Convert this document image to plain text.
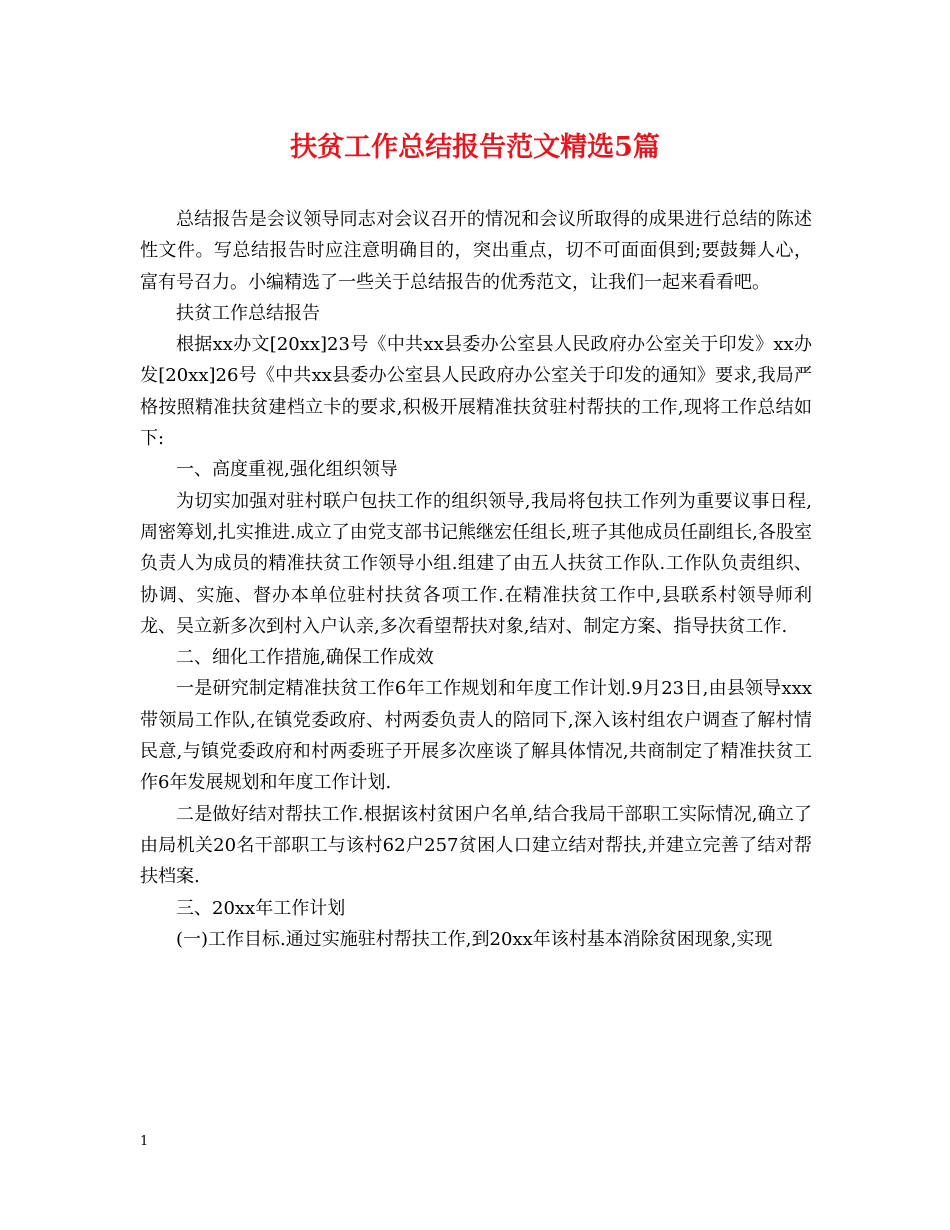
扶贫工作总结报告范文精选5篇

总结报告是会议领导同志对会议召开的情况和会议所取得的成果进行总结的陈述性文件。写总结报告时应注意明确目的，突出重点，切不可面面俱到;要鼓舞人心，富有号召力。小编精选了一些关于总结报告的优秀范文，让我们一起来看看吧。

扶贫工作总结报告

根据xx办文[20xx]23号《中共xx县委办公室县人民政府办公室关于印发》xx办发[20xx]26号《中共xx县委办公室县人民政府办公室关于印发的通知》要求,我局严格按照精准扶贫建档立卡的要求,积极开展精准扶贫驻村帮扶的工作,现将工作总结如下:

一、高度重视,强化组织领导

为切实加强对驻村联户包扶工作的组织领导,我局将包扶工作列为重要议事日程,周密筹划,扎实推进.成立了由党支部书记熊继宏任组长,班子其他成员任副组长,各股室负责人为成员的精准扶贫工作领导小组.组建了由五人扶贫工作队.工作队负责组织、协调、实施、督办本单位驻村扶贫各项工作.在精准扶贫工作中,县联系村领导师利龙、吴立新多次到村入户认亲,多次看望帮扶对象,结对、制定方案、指导扶贫工作.

二、细化工作措施,确保工作成效

一是研究制定精准扶贫工作6年工作规划和年度工作计划.9月23日,由县领导xxx带领局工作队,在镇党委政府、村两委负责人的陪同下,深入该村组农户调查了解村情民意,与镇党委政府和村两委班子开展多次座谈了解具体情况,共商制定了精准扶贫工作6年发展规划和年度工作计划.

二是做好结对帮扶工作.根据该村贫困户名单,结合我局干部职工实际情况,确立了由局机关20名干部职工与该村62户257贫困人口建立结对帮扶,并建立完善了结对帮扶档案.

三、20xx年工作计划

(一)工作目标.通过实施驻村帮扶工作,到20xx年该村基本消除贫困现象,实现

1
